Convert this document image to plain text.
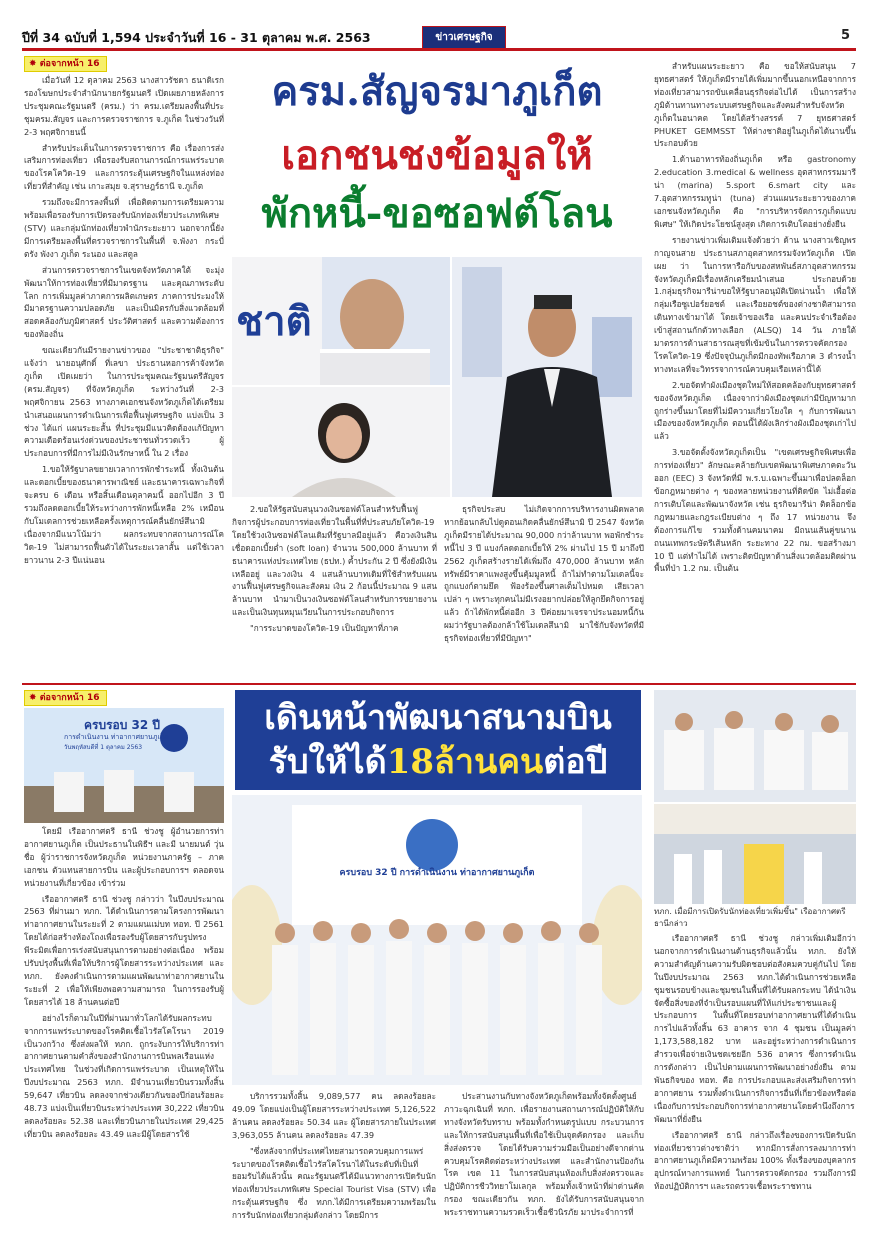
ปีที่ 34 ฉบับที่ 1,594 ประจำวันที่ 16 - 31 ตุลาคม พ.ศ. 2563	ข่าวเศรษฐกิจ	5
✸ ต่อจากหน้า 16

เมื่อวันที่ 12 ตุลาคม 2563 นางสาวรัชดา ธนาดิเรก รองโฆษกประจำสำนักนายกรัฐมนตรี เปิดเผยภายหลังการประชุมคณะรัฐมนตรี (ครม.) ว่า ครม.เตรียมลงพื้นที่ประชุมครม.สัญจร และการตรวจราชการ จ.ภูเก็ต ในช่วงวันที่ 2-3 พฤศจิกายนนี้

สำหรับประเด็นในการตรวจราชการ คือ เรื่องการส่งเสริมการท่องเที่ยว เพื่อรองรับสถานการณ์การแพร่ระบาดของโรคโควิด-19 และการกระตุ้นเศรษฐกิจในแหล่งท่องเที่ยวที่สำคัญ เช่น เกาะสมุย จ.สุราษฎร์ธานี จ.ภูเก็ต

รวมถึงจะมีการลงพื้นที่ เพื่อติดตามการเตรียมความพร้อมเพื่อรองรับการเปิดรองรับนักท่องเที่ยวประเภทพิเศษ (STV) และกลุ่มนักท่องเที่ยวพำนักระยะยาว นอกจากนี้ยังมีการเตรียมลงพื้นที่ตรวจราชการในพื้นที่ จ.พังงา กระบี่ ตรัง พังงา ภูเก็ต ระนอง และสตูล

ส่วนการตรวจราชการในเขตจังหวัดภาคใต้ จะมุ่งพัฒนาให้การท่องเที่ยวที่มีมาตรฐาน และคุณภาพระดับโลก การเพิ่มมูลค่าภาคการผลิตเกษตร ภาคการประมงให้มีมาตรฐานความปลอดภัย และเป็นมิตรกับสิ่งแวดล้อมที่สอดคล้องกับภูมิศาสตร์ ประวัติศาสตร์ และความต้องการของท้องถิ่น

ขณะเดียวกันมีรายงานข่าวของ "ประชาชาติธุรกิจ" แจ้งว่า นายอนุศักดิ์ ที่เลขา ประธานหอการค้าจังหวัดภูเก็ต เปิดเผยว่า ในการประชุมคณะรัฐมนตรีสัญจร (ครม.สัญจร) ที่จังหวัดภูเก็ต ระหว่างวันที่ 2-3 พฤศจิกายน 2563 ทางภาคเอกชนจังหวัดภูเก็ตได้เตรียมนำเสนอแผนการดำเนินการเพื่อฟื้นฟูเศรษฐกิจ แบ่งเป็น 3 ช่วง ได้แก่ แผนระยะสั้น ที่ประชุมมีแนวคิดต้องแก้ปัญหาความเดือดร้อนเร่งด่วนของประชาชนทั่วรวดเร็ว ผู้ประกอบการที่มีการไม่มีเงินรักษาหนี้ ใน 2 เรื่อง

1.ขอให้รัฐบาลขยายเวลาการพักชำระหนี้ ทั้งเงินต้นและดอกเบี้ยของธนาคารพาณิชย์ และธนาคารเฉพาะกิจที่จะครบ 6 เดือน หรือสิ้นเดือนตุลาคมนี้ ออกไปอีก 3 ปี รวมถึงลดดอกเบี้ยให้ระหว่างการพักหนี้เหลือ 2% เหมือนกับโมเดลการช่วยเหลือครั้งเหตุการณ์คลื่นยักษ์สึนามิเนื่องจากมีแนวโน้มว่า ผลกระทบจากสถานการณ์โควิด-19 ไม่สามารถฟื้นตัวได้ในระยะเวลาสั้น แต่ใช้เวลายาวนาน 2-3 ปีแน่นอน

ครม.สัญจรมาภูเก็ต
เอกชนชงข้อมูลให้
พักหนี้-ขอซอฟต์โลน
ชาติ

2.ขอให้รัฐสนับสนุนวงเงินซอฟต์โลนสำหรับฟื้นฟูกิจการผู้ประกอบการท่องเที่ยวในพื้นที่ที่ประสบภัยโควิด-19 โดยใช้วงเงินซอฟต์โลนเดิมที่รัฐบาลมีอยู่แล้ว คือวงเงินสินเชื่อดอกเบี้ยต่ำ (soft loan) จำนวน 500,000 ล้านบาท ที่ธนาคารแห่งประเทศไทย (ธปท.) ค้ำประกัน 2 ปี ซึ่งยังมีเงินเหลืออยู่ และวงเงิน 4 แสนล้านบาทเดิมที่ใช้สำหรับแผนงานฟื้นฟูเศรษฐกิจและสังคม เงิน 2 ก้อนนี้ประมาณ 9 แสนล้านบาท นำมาเป็นวงเงินซอฟต์โลนสำหรับการขยายงานและเป็นเงินทุนหมุนเวียนในการประกอบกิจการ

"การระบาดของโควิด-19 เป็นปัญหาที่ภาค

ธุรกิจประสบ ไม่เกิดจากการบริหารงานผิดพลาด หากย้อนกลับไปดูตอนเกิดคลื่นยักษ์สึนามิ ปี 2547 จังหวัดภูเก็ตมีรายได้ประมาณ 90,000 กว่าล้านบาท พอพักชำระหนี้ไป 3 ปี แบงก์ลดดอกเบี้ยให้ 2% ผ่านไป 15 ปี มาถึงปี 2562 ภูเก็ตสร้างรายได้เพิ่มถึง 470,000 ล้านบาท หลักทรัพย์มีราคาแพงสูงขึ้นคุ้มมูลหนี้ ถ้าไม่ทำตามโมเดลนี้จะถูกแบงก์ตามยึด ฟ้องร้องขึ้นศาลเต็มไปหมด เสียเวลาเปล่า ๆ เพราะทุกคนไม่มีเรงอยากปล่อยให้ลูกยึดกิจการอยู่แล้ว ถ้าได้พักหนี้ต่ออีก 3 ปีค่อยมาเจรจาประนอมหนี้กัน ผมว่ารัฐบาลต้องกล้าใช้โมเดลสึนามิ มาใช้กับจังหวัดที่มีธุรกิจท่องเที่ยวที่มีปัญหา"

สำหรับแผนระยะยาว คือ ขอให้สนับสนุน 7 ยุทธศาสตร์ ให้ภูเก็ตมีรายได้เพิ่มมากขึ้นนอกเหนือจากการท่องเที่ยวสามารถขับเคลื่อนธุรกิจต่อไปได้ เป็นการสร้างภูมิต้านทานทางระบบเศรษฐกิจและสังคมสำหรับจังหวัดภูเก็ตในอนาคต โดยได้สร้างสรรค์ 7 ยุทธศาสตร์ PHUKET GEMMSST ให้ต่างชาติอยู่ในภูเก็ตได้นานขึ้น ประกอบด้วย

1.ด้านอาหารท้องถิ่นภูเก็ต หรือ gastronomy 2.education 3.medical & wellness อุตสาหกรรมมารีน่า (marina) 5.sport 6.smart city และ 7.อุตสาหกรรมทูน่า (tuna) ส่วนแผนระยะยาวของภาคเอกชนจังหวัดภูเก็ต คือ "การบริหารจัดการภูเก็ตแบบพิเศษ" ให้เกิดประโยชน์สูงสุด เกิดการเติบโตอย่างยั่งยืน

รายงานข่าวเพิ่มเติมแจ้งด้วยว่า ด้าน นางสาวเชิญพร กาญจนสาย ประธานสภาอุตสาหกรรมจังหวัดภูเก็ต เปิดเผย ว่า ในการหารือกับของสหพันธ์สภาอุตสาหกรรมจังหวัดภูเก็ตมีเรื่องหลักเตรียมนำเสนอ ประกอบด้วย 1.กลุ่มธุรกิจมารีน่าขอให้รัฐบาลอนุมัติเปิดน่านน้ำ เพื่อให้กลุ่มเรือซูเปอร์ยอชต์ และเรือยอชต์ของต่างชาติสามารถเดินทางเข้ามาได้ โดยเจ้าของเรือ และคนประจำเรือต้องเข้าสู่สถานกักตัวทางเลือก (ALSQ) 14 วัน ภายใต้มาตรการด้านสาธารณสุขที่เข้มข้นในการตรวจคัดกรองโรคโควิด-19 ซึ่งปัจจุบันภูเก็ตมีกองทัพเรือภาค 3 ดำรงน้ำทางทะเลที่จะวิทรรจาการณ์ควบคุมเรือเหล่านี้ได้

2.ขอจัดทำผังเมืองชุดใหม่ให้สอดคล้องกับยุทธศาสตร์ของจังหวัดภูเก็ต เนื่องจากว่าผังเมืองชุดเก่ามีปัญหามาก ถูกร่างขึ้นมาโดยที่ไม่มีความเกี่ยวโยงใด ๆ กับการพัฒนาเมืองของจังหวัดภูเก็ต ตอนนี้ได้ผังเลิกร่างผังเมืองชุดเก่าไปแล้ว

3.ขอจัดตั้งจังหวัดภูเก็ตเป็น "เขตเศรษฐกิจพิเศษเพื่อการท่องเที่ยว" ลักษณะคล้ายกับเขตพัฒนาพิเศษภาคตะวันออก (EEC) 3 จังหวัดที่มี พ.ร.บ.เฉพาะขึ้นมาเพื่อปลดล็อกข้อกฎหมายต่าง ๆ ของหลายหน่วยงานที่ติดขัด ไม่เอื้อต่อการเติบโตและพัฒนาจังหวัด เช่น ธุรกิจมารีน่า ติดล็อกข้อกฎหมายและกฎระเบียบต่าง ๆ ถึง 17 หน่วยงาน จึงต้องการแก้ไข รวมทั้งด้านคมนาคม มีถนนเส้นคู่ขนานถนนเทพกระษัตรีเส้นหลัก ระยะทาง 22 กม. ขอสร้างมา 10 ปี แต่ทำไม่ได้ เพราะติดปัญหาด้านสิ่งแวดล้อมติดผ่านพื้นที่ป่า 1.2 กม. เป็นต้น

✸ ต่อจากหน้า 16
ครบรอบ 32 ปี
การดำเนินงาน ท่าอากาศยานภูเก็ต
วันพฤหัสบดีที่ 1 ตุลาคม 2563

โดยมี เรืออากาศตรี ธานี ช่วงชู ผู้อำนวยการท่าอากาศยานภูเก็ต เป็นประธานในพิธีฯ และมี นายมนต์ วุ่นชื่อ ผู้ว่าราชการจังหวัดภูเก็ต หน่วยงานภาครัฐ – ภาคเอกชน ตัวแทนสายการบิน และผู้ประกอบการฯ ตลอดจนหน่วยงานที่เกี่ยวข้อง เข้าร่วม

เรืออากาศตรี ธานี ช่วงชู กล่าวว่า ในปีงบประมาณ 2563 ที่ผ่านมา ทภก. ได้ดำเนินการตามโครงการพัฒนาท่าอากาศยานในระยะที่ 2 ตามแผนแม่บท ทอท. ปี 2561 โดยได้ก่อสร้างห้องโถงเพื่อรองรับผู้โดยสารกับรูปทรงพีระมิดเพื่อการเร่งสนับสนุนการตามอย่างต่อเนื่อง พร้อมปรับปรุงพื้นที่เพื่อให้บริการผู้โดยสารระหว่างประเทศ และ ทภก. ยังคงดำเนินการตามแผนพัฒนาท่าอากาศยานในระยะที่ 2 เพื่อให้เพียงพอความสามารถ ในการรองรับผู้โดยสารได้ 18 ล้านคนต่อปี

อย่างไรก็ตามในปีที่ผ่านมาทั่วโลกได้รับผลกระทบจากการแพร่ระบาดของโรคติดเชื้อไวรัสโคโรนา 2019 เป็นวงกว้าง ซึ่งส่งผลให้ ทภก. ถูกระงับการให้บริการท่าอากาศยานตามคำสั่งของสำนักงานการบินพลเรือนแห่งประเทศไทย ในช่วงที่เกิดการแพร่ระบาด เป็นเหตุให้ในปีงบประมาณ 2563 ทภก. มีจำนวนเที่ยวบินรวมทั้งสิ้น 59,647 เที่ยวบิน ลดลงจากช่วงเดียวกันของปีก่อนร้อยละ 48.73 แบ่งเป็นเที่ยวบินระหว่างประเทศ 30,222 เที่ยวบิน ลดลงร้อยละ 52.38 และเที่ยวบินภายในประเทศ 29,425 เที่ยวบิน ลดลงร้อยละ 43.49 และมีผู้โดยสารใช้

เดินหน้าพัฒนาสนามบิน
รับให้ได้18ล้านคนต่อปี
ครบรอบ 32 ปี การดำเนินงาน ท่าอากาศยานภูเก็ต

บริการรวมทั้งสิ้น 9,089,577 คน ลดลงร้อยละ 49.09 โดยแบ่งเป็นผู้โดยสารระหว่างประเทศ 5,126,522 ล้านคน ลดลงร้อยละ 50.34 และ ผู้โดยสารภายในประเทศ 3,963,055 ล้านคน ลดลงร้อยละ 47.39

"ซึ่งหลังจากที่ประเทศไทยสามารถควบคุมการแพร่ระบาดของโรคติดเชื้อไวรัสโคโรนาได้ในระดับที่เป็นที่ยอมรับได้แล้วนั้น คณะรัฐมนตรีได้มีแนวทางการเปิดรับนักท่องเที่ยวประเภทพิเศษ Special Tourist Visa (STV) เพื่อกระตุ้นเศรษฐกิจ ซึ่ง ทภก.ได้มีการเตรียมความพร้อมในการรับนักท่องเที่ยวกลุ่มดังกล่าว โดยมีการ

ประสานงานกับทางจังหวัดภูเก็ตพร้อมทั้งจัดตั้งศูนย์ภาวะฉุกเฉินที่ ทภก. เพื่อรายงานสถานการณ์ปฏิบัติให้กับทางจังหวัดรับทราบ พร้อมทั้งกำหนดรูปแบบ กระบวนการและให้การสนับสนุนพื้นที่เพื่อใช้เป็นจุดคัดกรอง และเก็บสิ่งส่งตรวจ โดยได้รับความร่วมมือเป็นอย่างดีจากด่านควบคุมโรคติดต่อระหว่างประเทศ และสำนักงานป้องกันโรค เขต 11 ในการสนับสนุนห้องเก็บสิ่งส่งตรวจและปฏิบัติการชีววิทยาโมเลกุล พร้อมทั้งเจ้าหน้าที่ผ่าด่านคัดกรอง ขณะเดียวกัน ทภก. ยังได้รับการสนับสนุนจากพระราชทานความรวดเร็วเชื้อชีวนิรภัย มาประจำการที่

ทภก. เมื่อมีการเปิดรับนักท่องเที่ยวเพิ่มขึ้น" เรืออากาศตรีธานีกล่าว

เรืออากาศตรี ธานี ช่วงชู กล่าวเพิ่มเติมอีกว่า นอกจากการดำเนินงานด้านธุรกิจแล้วนั้น ทภก. ยังให้ความสำคัญด้านความรับผิดชอบต่อสังคมควบคู่กันไป โดยในปีงบประมาณ 2563 ทภก.ได้ดำเนินการช่วยเหลือชุมชนรอบข้างและชุมชนในพื้นที่ได้รับผลกระทบ ได้นำเงินจัดซื้อสิ่งของที่จำเป็นรอบแผนที่ให้แก่ประชาชนและผู้ประกอบการ ในพื้นที่โดยรอบท่าอากาศยานที่ได้ดำเนินการไปแล้วทั้งสิ้น 63 อาคาร จาก 4 ชุมชน เป็นมูลค่า 1,173,588,182 บาท และอยู่ระหว่างการดำเนินการสำรวจเพื่อจ่ายเงินชดเชยอีก 536 อาคาร ซึ่งการดำเนินการดังกล่าว เป็นไปตามแผนการพัฒนาอย่างยั่งยืน ตามพันธกิจของ ทอท. คือ การประกอบและส่งเสริมกิจการท่าอากาศยาน รวมทั้งดำเนินการกิจการอื่นที่เกี่ยวข้องหรือต่อเนื่องกับการประกอบกิจการท่าอากาศยานโดยคำนึงถึงการพัฒนาที่ยั่งยืน

เรืออากาศตรี ธานี กล่าวถึงเรื่องของการเปิดรับนักท่องเที่ยวชาวต่างชาติว่า หากมีการสั่งการลงมาการท่าอากาศยานภูเก็ตมีความพร้อม 100% ทั้งเรื่องของบุคลากร อุปกรณ์ทางการแพทย์ ในการตรวจคัดกรอง รวมถึงการมีห้องปฏิบัติการฯ และรถตรวจเชื้อพระราชทาน
